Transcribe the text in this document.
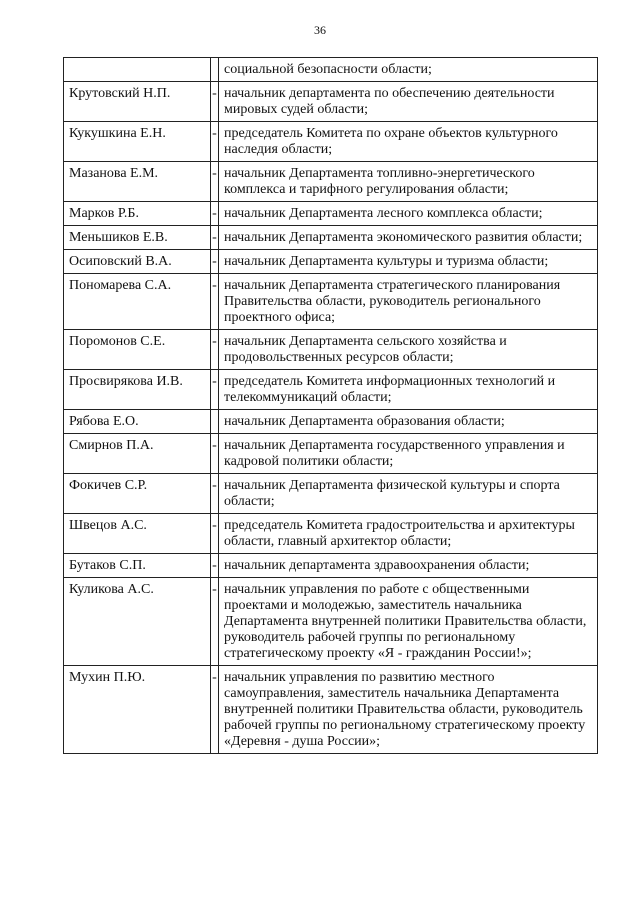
36
		социальной безопасности области;
Крутовский Н.П.	-	начальник департамента по обеспечению деятельности мировых судей области;
Кукушкина Е.Н.	-	председатель Комитета по охране объектов культурного наследия области;
Мазанова Е.М.	-	начальник Департамента топливно-энергетического комплекса и тарифного регулирования области;
Марков Р.Б.	-	начальник Департамента лесного комплекса области;
Меньшиков Е.В.	-	начальник Департамента экономического развития области;
Осиповский В.А.	-	начальник Департамента культуры и туризма области;
Пономарева С.А.	-	начальник Департамента стратегического планирования Правительства области, руководитель регионального проектного офиса;
Поромонов С.Е.	-	начальник Департамента сельского хозяйства и продовольственных ресурсов области;
Просвирякова И.В.	-	председатель Комитета информационных технологий и телекоммуникаций области;
Рябова Е.О.		начальник Департамента образования области;
Смирнов П.А.	-	начальник Департамента государственного управления и кадровой политики области;
Фокичев С.Р.	-	начальник Департамента физической культуры и спорта области;
Швецов А.С.	-	председатель Комитета градостроительства и архитектуры области, главный архитектор области;
Бутаков С.П.	-	начальник департамента здравоохранения области;
Куликова А.С.	-	начальник управления по работе с общественными проектами и молодежью, заместитель начальника Департамента внутренней политики Правительства области, руководитель рабочей группы по региональному стратегическому проекту «Я - гражданин России!»;
Мухин П.Ю.	-	начальник управления по развитию местного самоуправления, заместитель начальника Департамента внутренней политики Правительства области, руководитель рабочей группы по региональному стратегическому проекту «Деревня - душа России»;
